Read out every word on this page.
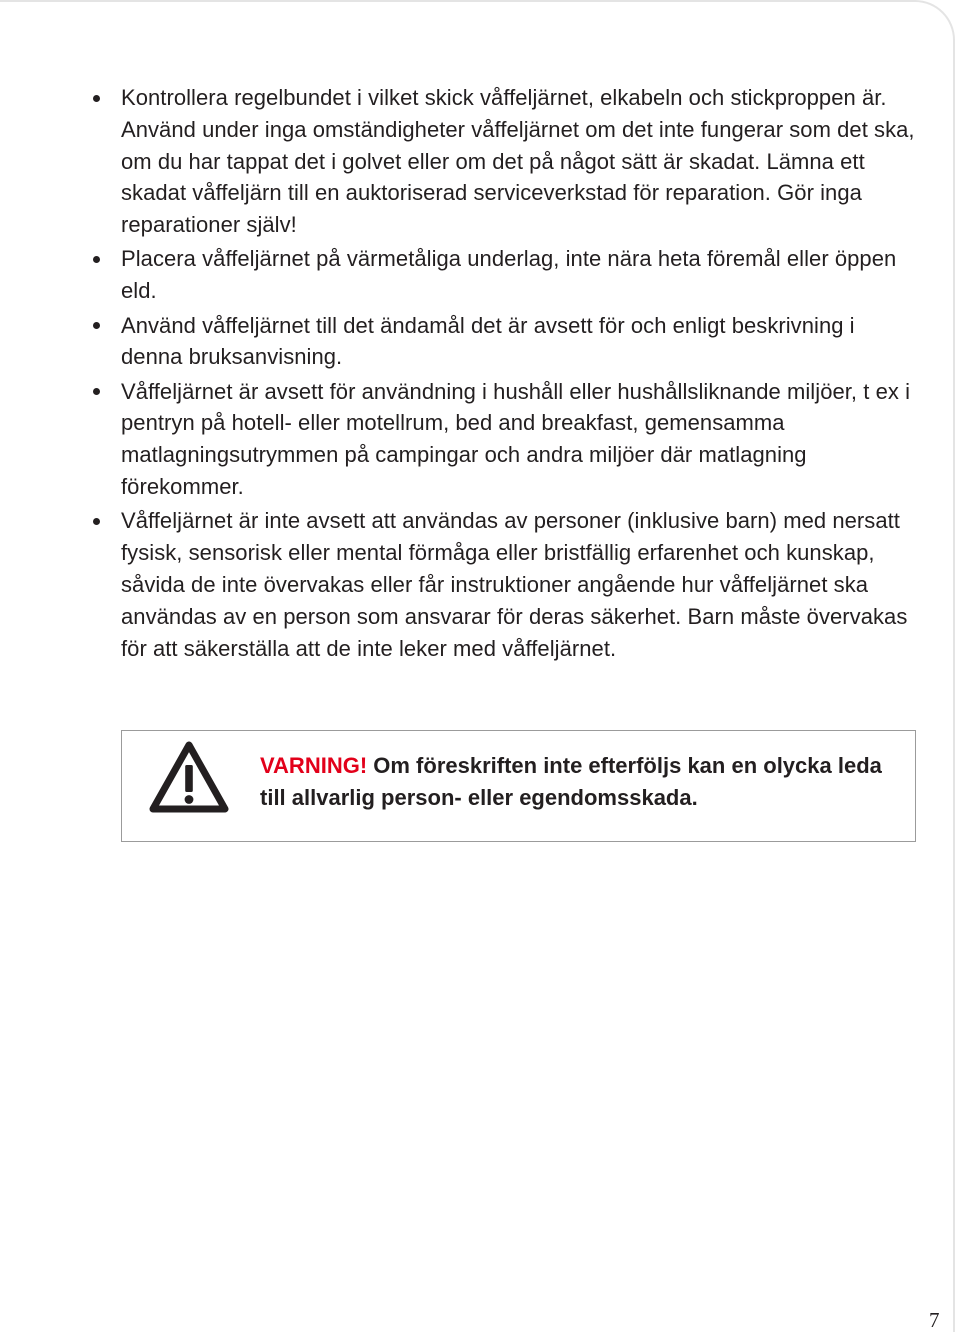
Kontrollera regelbundet i vilket skick våffeljärnet, elkabeln och stickproppen är. Använd under inga omständigheter våffeljärnet om det inte fungerar som det ska, om du har tappat det i golvet eller om det på något sätt är skadat. Lämna ett skadat våffeljärn till en auktoriserad serviceverkstad för reparation. Gör inga reparationer själv!
Placera våffeljärnet på värmetåliga underlag, inte nära heta föremål eller öppen eld.
Använd våffeljärnet till det ändamål det är avsett för och enligt beskrivning i denna bruksanvisning.
Våffeljärnet är avsett för användning i hushåll eller hushållsliknande miljöer, t ex i pentryn på hotell- eller motellrum, bed and breakfast, gemensamma matlagningsutrymmen på campingar och andra miljöer där matlagning förekommer.
Våffeljärnet är inte avsett att användas av personer (inklusive barn) med nersatt fysisk, sensorisk eller mental förmåga eller bristfällig erfarenhet och kunskap, såvida de inte övervakas eller får instruktioner angående hur våffeljärnet ska användas av en person som ansvarar för deras säkerhet. Barn måste övervakas för att säkerställa att de inte leker med våffeljärnet.
VARNING! Om föreskriften inte efterföljs kan en olycka leda till allvarlig person- eller egendomsskada.
7
